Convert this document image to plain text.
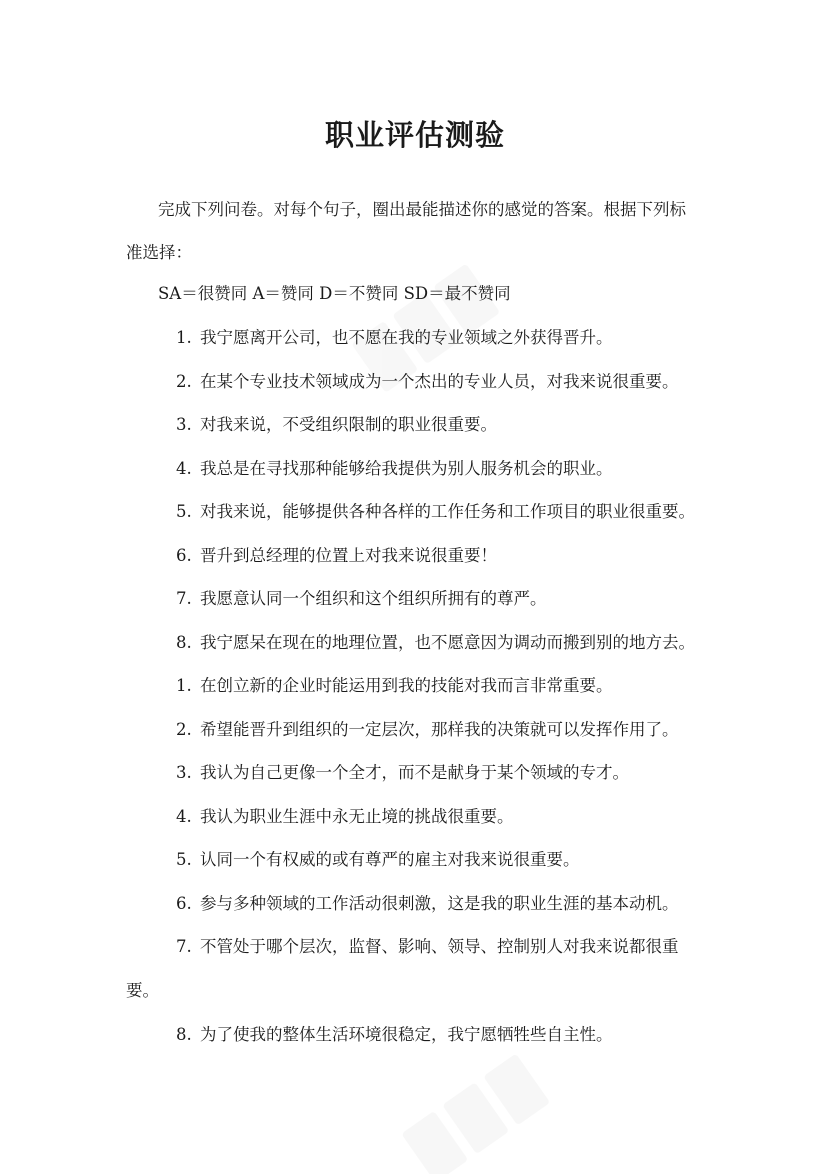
职业评估测验

完成下列问卷。对每个句子，圈出最能描述你的感觉的答案。根据下列标准选择：

SA＝很赞同 A＝赞同 D＝不赞同 SD＝最不赞同

1. 我宁愿离开公司，也不愿在我的专业领域之外获得晋升。
2. 在某个专业技术领域成为一个杰出的专业人员，对我来说很重要。
3. 对我来说，不受组织限制的职业很重要。
4. 我总是在寻找那种能够给我提供为别人服务机会的职业。
5. 对我来说，能够提供各种各样的工作任务和工作项目的职业很重要。
6. 晋升到总经理的位置上对我来说很重要！
7. 我愿意认同一个组织和这个组织所拥有的尊严。
8. 我宁愿呆在现在的地理位置，也不愿意因为调动而搬到别的地方去。
1. 在创立新的企业时能运用到我的技能对我而言非常重要。
2. 希望能晋升到组织的一定层次，那样我的决策就可以发挥作用了。
3. 我认为自己更像一个全才，而不是献身于某个领域的专才。
4. 我认为职业生涯中永无止境的挑战很重要。
5. 认同一个有权威的或有尊严的雇主对我来说很重要。
6. 参与多种领域的工作活动很刺激，这是我的职业生涯的基本动机。
7. 不管处于哪个层次，监督、影响、领导、控制别人对我来说都很重要。
8. 为了使我的整体生活环境很稳定，我宁愿牺牲些自主性。
